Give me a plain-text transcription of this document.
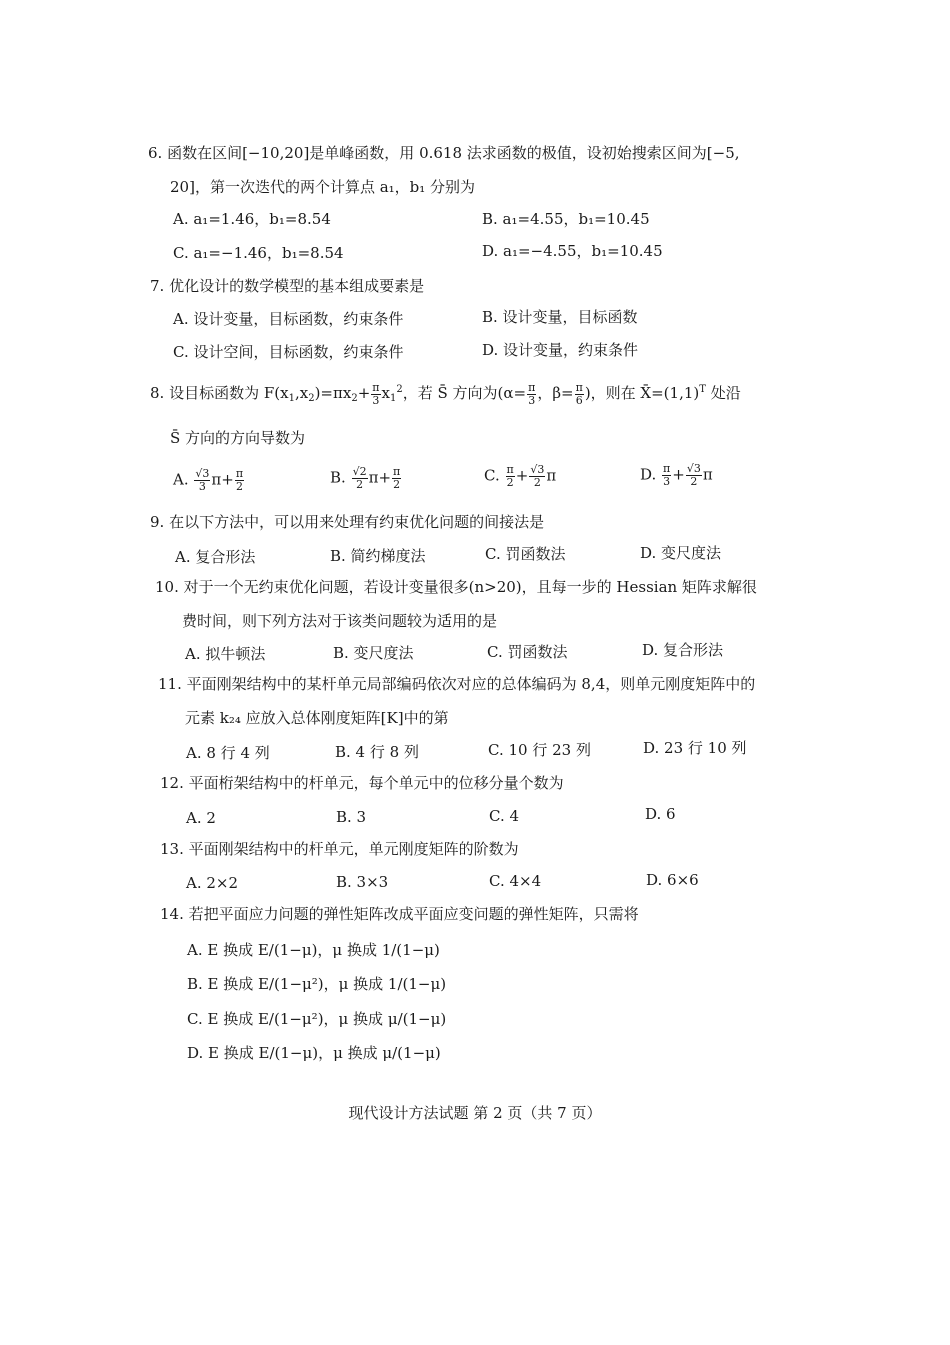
6. 函数在区间[−10,20]是单峰函数，用 0.618 法求函数的极值，设初始搜索区间为[−5,
20]，第一次迭代的两个计算点 a₁，b₁ 分别为
A. a₁=1.46，b₁=8.54	B. a₁=4.55，b₁=10.45
C. a₁=−1.46，b₁=8.54	D. a₁=−4.55，b₁=10.45
7. 优化设计的数学模型的基本组成要素是
A. 设计变量，目标函数，约束条件	B. 设计变量，目标函数
C. 设计空间，目标函数，约束条件	D. 设计变量，约束条件
8. 设目标函数为 $F(x_1,x_2)=\pi x_2+ \frac{\pi}{3} x_1^2$，若 S̄ 方向为($\alpha= \frac{\pi}{3}$ ，$\beta= \frac{\pi}{6}$ )，则在 $X̄=(1,1)^T$ 处沿
S̄ 方向的方向导数为
A. $\frac{√3}{3} \pi+ \frac{\pi}{2}$	B. $\frac{√2}{2} \pi+ \frac{\pi}{2}$	C. $\frac{\pi}{2} + \frac{√3}{2}$ π	D. $\frac{\pi}{3} + \frac{√3}{2}$ π
9. 在以下方法中，可以用来处理有约束优化问题的间接法是
A. 复合形法	B. 简约梯度法	C. 罚函数法	D. 变尺度法
10. 对于一个无约束优化问题，若设计变量很多(n>20)，且每一步的 Hessian 矩阵求解很
费时间，则下列方法对于该类问题较为适用的是
A. 拟牛顿法	B. 变尺度法	C. 罚函数法	D. 复合形法
11. 平面刚架结构中的某杆单元局部编码依次对应的总体编码为 8,4，则单元刚度矩阵中的
元素 k₂₄ 应放入总体刚度矩阵[K]中的第
A. 8 行 4 列	B. 4 行 8 列	C. 10 行 23 列	D. 23 行 10 列
12. 平面桁架结构中的杆单元，每个单元中的位移分量个数为
A. 2	B. 3	C. 4	D. 6
13. 平面刚架结构中的杆单元，单元刚度矩阵的阶数为
A. 2×2	B. 3×3	C. 4×4	D. 6×6
14. 若把平面应力问题的弹性矩阵改成平面应变问题的弹性矩阵，只需将
A. E 换成 E/(1−μ)，μ 换成 1/(1−μ)
B. E 换成 E/(1−μ²)，μ 换成 1/(1−μ)
C. E 换成 E/(1−μ²)，μ 换成 μ/(1−μ)
D. E 换成 E/(1−μ)，μ 换成 μ/(1−μ)
现代设计方法试题 第 2 页（共 7 页）
